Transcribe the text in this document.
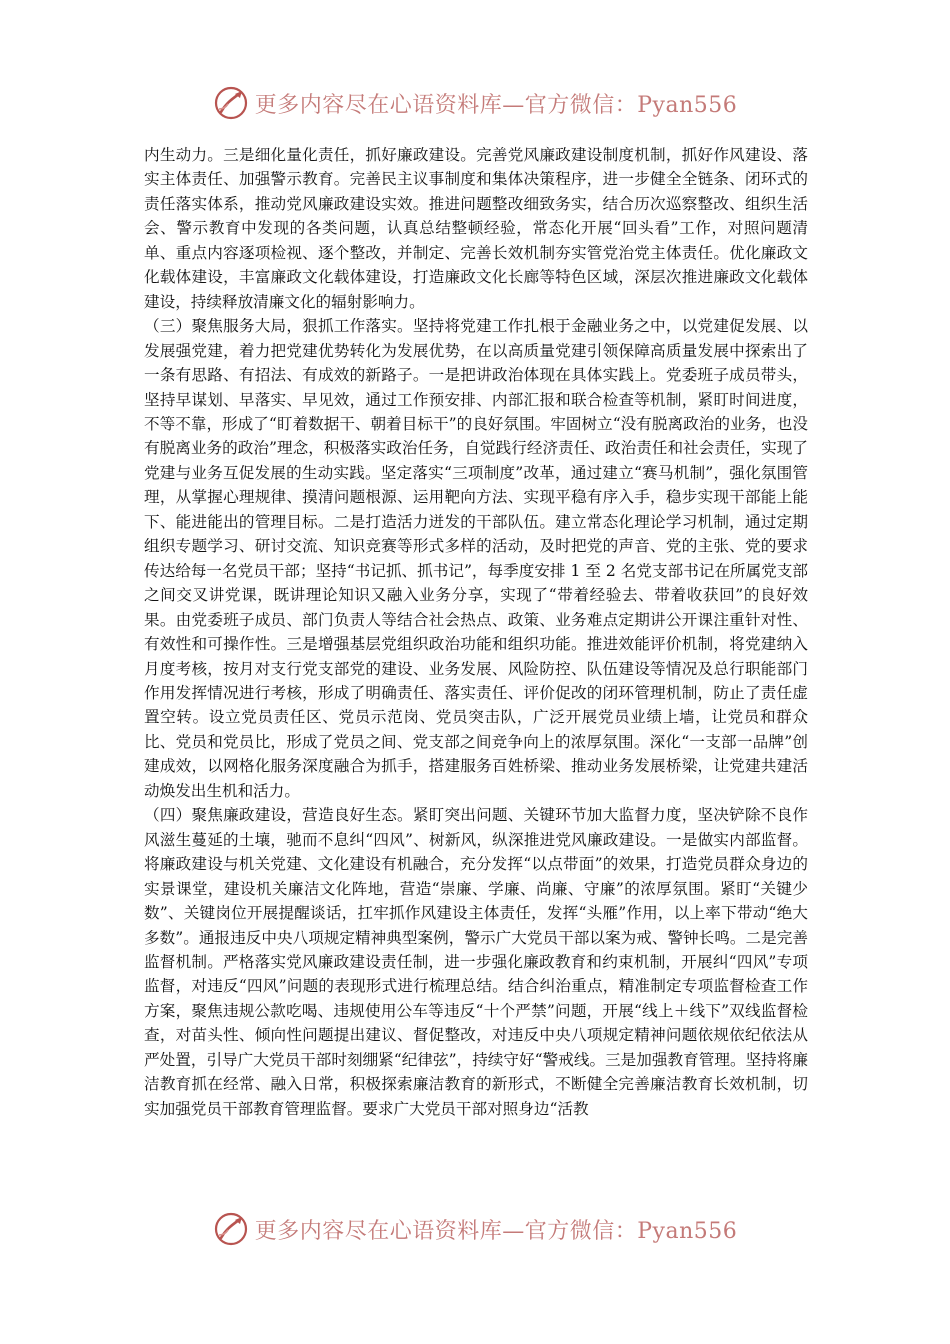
更多内容尽在心语资料库—官方微信：Pyan556

内生动力。三是细化量化责任，抓好廉政建设。完善党风廉政建设制度机制，抓好作风建设、落实主体责任、加强警示教育。完善民主议事制度和集体决策程序，进一步健全全链条、闭环式的责任落实体系，推动党风廉政建设实效。推进问题整改细致务实，结合历次巡察整改、组织生活会、警示教育中发现的各类问题，认真总结整顿经验，常态化开展“回头看”工作，对照问题清单、重点内容逐项检视、逐个整改，并制定、完善长效机制夯实管党治党主体责任。优化廉政文化载体建设，丰富廉政文化载体建设，打造廉政文化长廊等特色区域，深层次推进廉政文化载体建设，持续释放清廉文化的辐射影响力。

（三）聚焦服务大局，狠抓工作落实。坚持将党建工作扎根于金融业务之中，以党建促发展、以发展强党建，着力把党建优势转化为发展优势，在以高质量党建引领保障高质量发展中探索出了一条有思路、有招法、有成效的新路子。一是把讲政治体现在具体实践上。党委班子成员带头，坚持早谋划、早落实、早见效，通过工作预安排、内部汇报和联合检查等机制，紧盯时间进度，不等不靠，形成了“盯着数据干、朝着目标干”的良好氛围。牢固树立“没有脱离政治的业务，也没有脱离业务的政治”理念，积极落实政治任务，自觉践行经济责任、政治责任和社会责任，实现了党建与业务互促发展的生动实践。坚定落实“三项制度”改革，通过建立“赛马机制”，强化氛围管理，从掌握心理规律、摸清问题根源、运用靶向方法、实现平稳有序入手，稳步实现干部能上能下、能进能出的管理目标。二是打造活力迸发的干部队伍。建立常态化理论学习机制，通过定期组织专题学习、研讨交流、知识竞赛等形式多样的活动，及时把党的声音、党的主张、党的要求传达给每一名党员干部；坚持“书记抓、抓书记”，每季度安排 1 至 2 名党支部书记在所属党支部之间交叉讲党课，既讲理论知识又融入业务分享，实现了“带着经验去、带着收获回”的良好效果。由党委班子成员、部门负责人等结合社会热点、政策、业务难点定期讲公开课注重针对性、有效性和可操作性。三是增强基层党组织政治功能和组织功能。推进效能评价机制，将党建纳入月度考核，按月对支行党支部党的建设、业务发展、风险防控、队伍建设等情况及总行职能部门作用发挥情况进行考核，形成了明确责任、落实责任、评价促改的闭环管理机制，防止了责任虚置空转。设立党员责任区、党员示范岗、党员突击队，广泛开展党员业绩上墙，让党员和群众比、党员和党员比，形成了党员之间、党支部之间竞争向上的浓厚氛围。深化“一支部一品牌”创建成效，以网格化服务深度融合为抓手，搭建服务百姓桥梁、推动业务发展桥梁，让党建共建活动焕发出生机和活力。

（四）聚焦廉政建设，营造良好生态。紧盯突出问题、关键环节加大监督力度，坚决铲除不良作风滋生蔓延的土壤，驰而不息纠“四风”、树新风，纵深推进党风廉政建设。一是做实内部监督。将廉政建设与机关党建、文化建设有机融合，充分发挥“以点带面”的效果，打造党员群众身边的实景课堂，建设机关廉洁文化阵地，营造“崇廉、学廉、尚廉、守廉”的浓厚氛围。紧盯“关键少数”、关键岗位开展提醒谈话，扛牢抓作风建设主体责任，发挥“头雁”作用，以上率下带动“绝大多数”。通报违反中央八项规定精神典型案例，警示广大党员干部以案为戒、警钟长鸣。二是完善监督机制。严格落实党风廉政建设责任制，进一步强化廉政教育和约束机制，开展纠“四风”专项监督，对违反“四风”问题的表现形式进行梳理总结。结合纠治重点，精准制定专项监督检查工作方案，聚焦违规公款吃喝、违规使用公车等违反“十个严禁”问题，开展“线上＋线下”双线监督检查，对苗头性、倾向性问题提出建议、督促整改，对违反中央八项规定精神问题依规依纪依法从严处置，引导广大党员干部时刻绷紧“纪律弦”，持续守好“警戒线。三是加强教育管理。坚持将廉洁教育抓在经常、融入日常，积极探索廉洁教育的新形式，不断健全完善廉洁教育长效机制，切实加强党员干部教育管理监督。要求广大党员干部对照身边“活教

更多内容尽在心语资料库—官方微信：Pyan556
